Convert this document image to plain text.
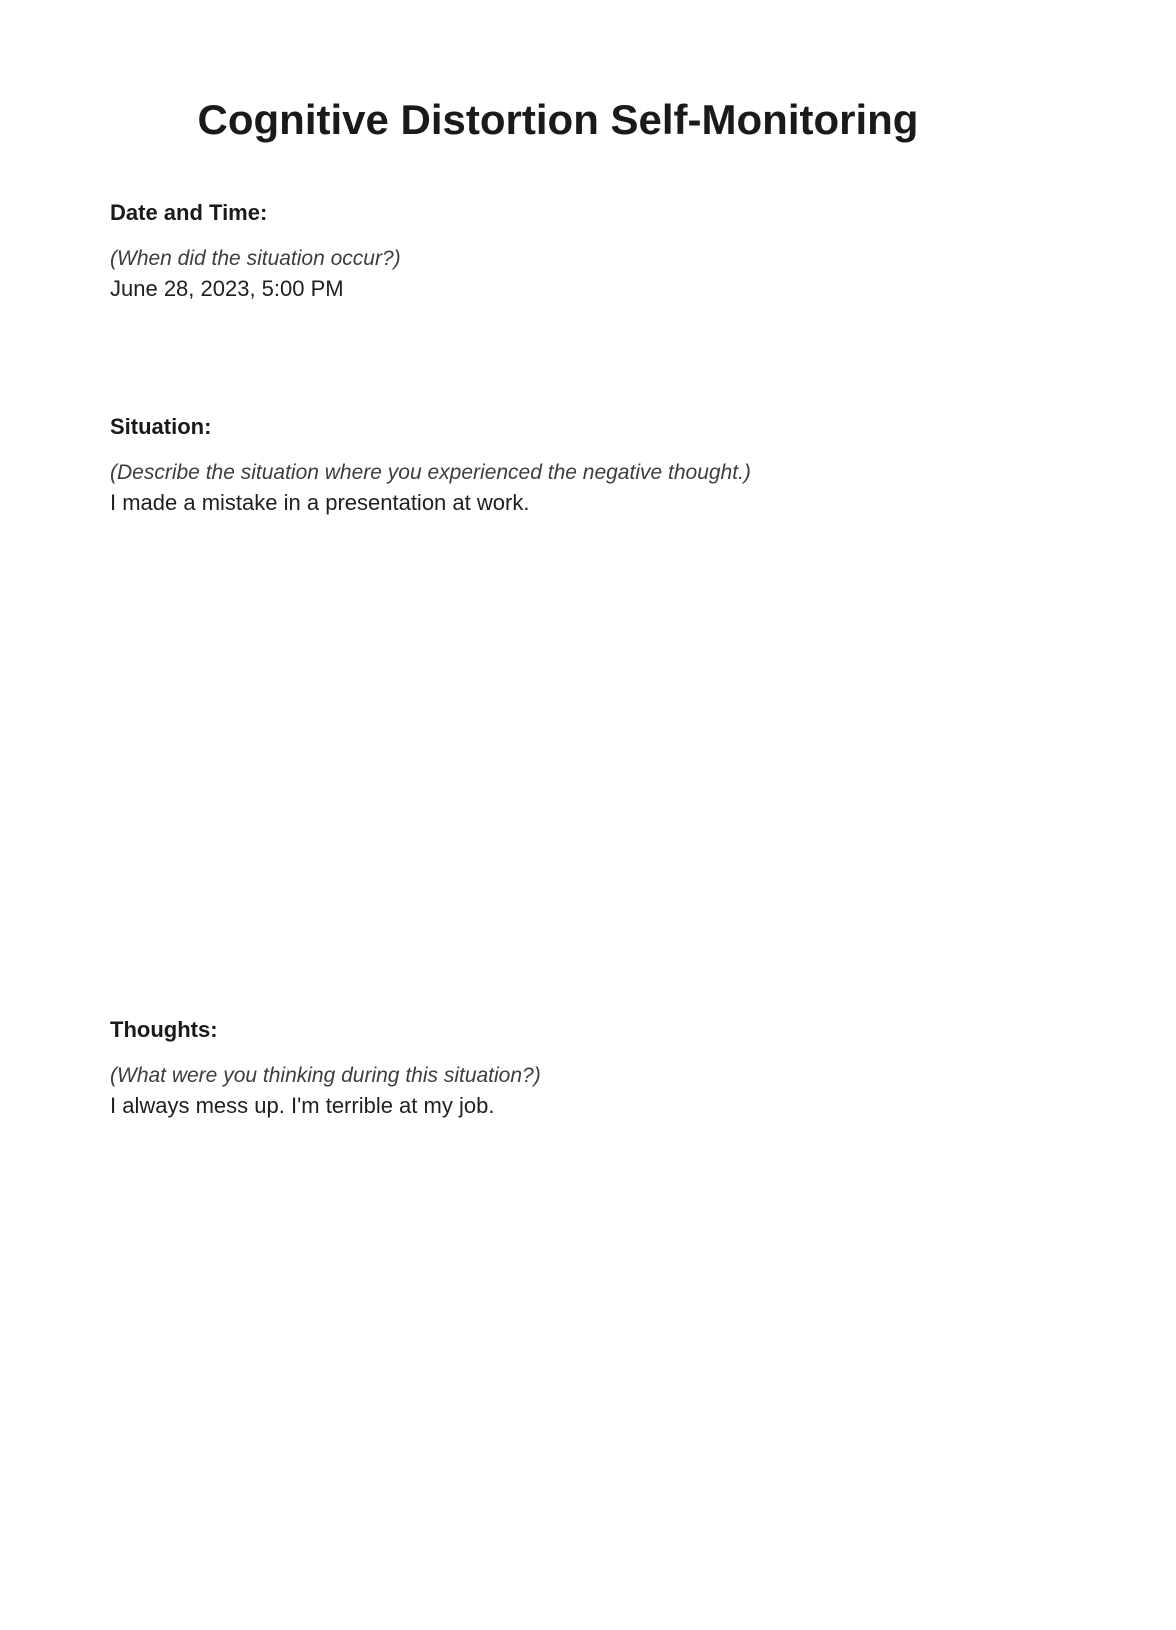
Cognitive Distortion Self-Monitoring
Date and Time:
(When did the situation occur?)
June 28, 2023, 5:00 PM
Situation:
(Describe the situation where you experienced the negative thought.)
I made a mistake in a presentation at work.
Thoughts:
(What were you thinking during this situation?)
I always mess up. I'm terrible at my job.
